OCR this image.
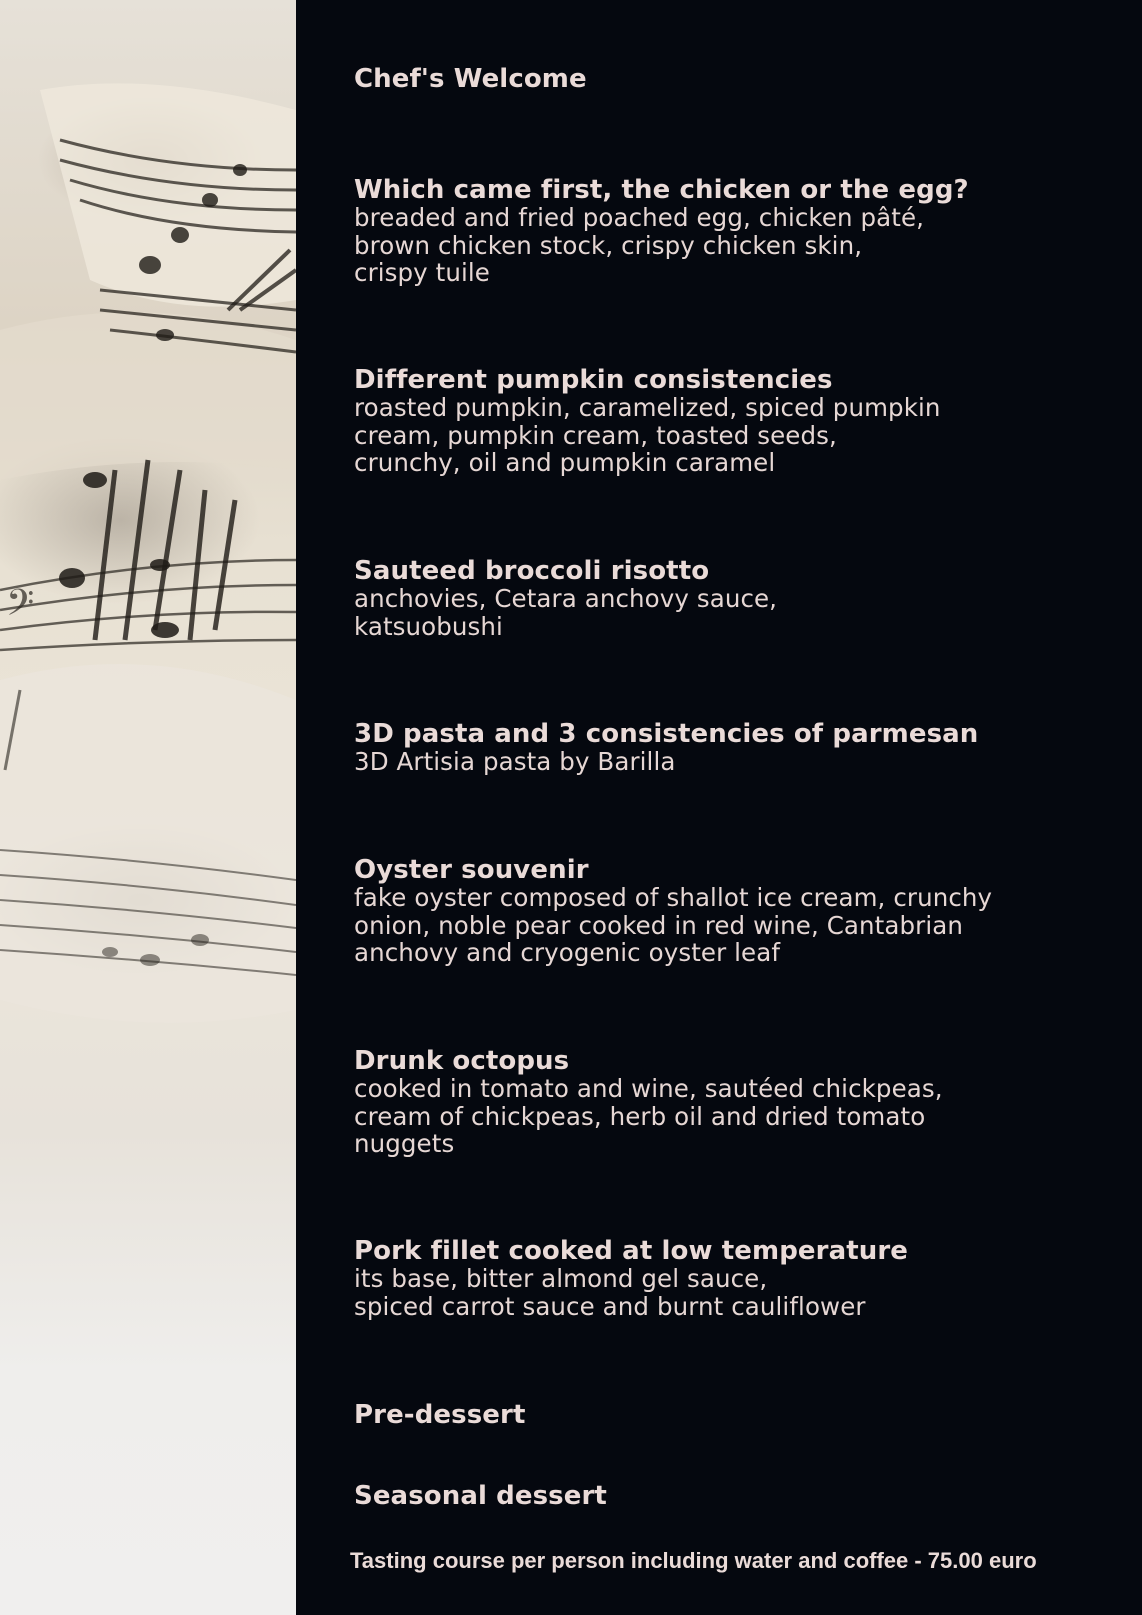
𝄢
Chef's Welcome
Which came first, the chicken or the egg?
breaded and fried poached egg, chicken pâté,
brown chicken stock, crispy chicken skin,
crispy tuile
Different pumpkin consistencies
roasted pumpkin, caramelized, spiced pumpkin
cream, pumpkin cream, toasted seeds,
crunchy, oil and pumpkin caramel
Sauteed broccoli risotto
anchovies, Cetara anchovy sauce,
katsuobushi
3D pasta and 3 consistencies of parmesan
3D Artisia pasta by Barilla
Oyster souvenir
fake oyster composed of shallot ice cream, crunchy
onion, noble pear cooked in red wine, Cantabrian
anchovy and cryogenic oyster leaf
Drunk octopus
cooked in tomato and wine, sautéed chickpeas,
cream of chickpeas, herb oil and dried tomato
nuggets
Pork fillet cooked at low temperature
its base, bitter almond gel sauce,
spiced carrot sauce and burnt cauliflower
Pre-dessert
Seasonal dessert
Tasting course per person including water and coffee - 75.00 euro
